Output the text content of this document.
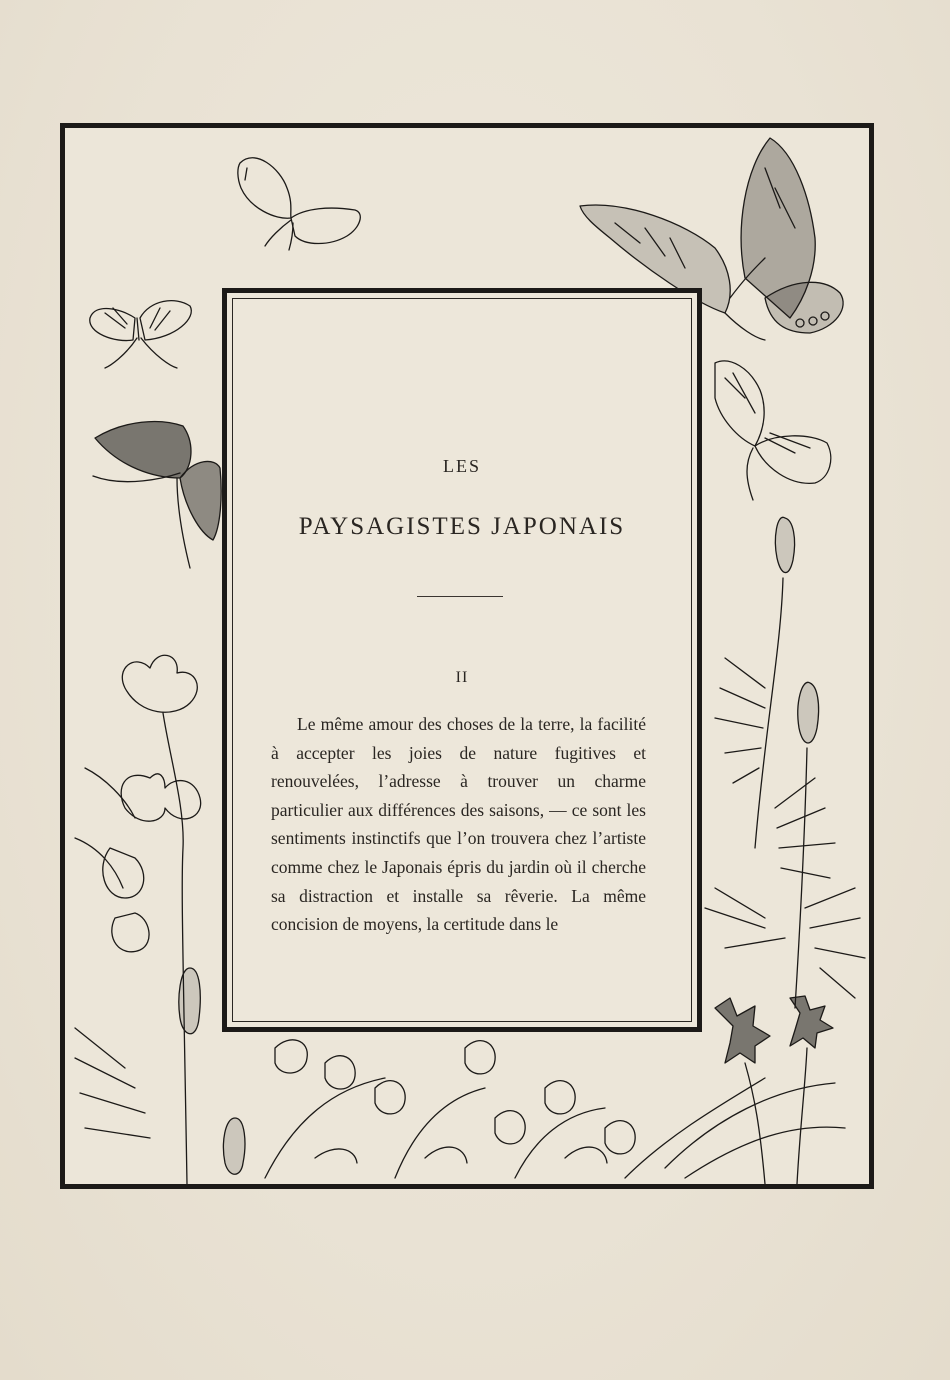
LES
PAYSAGISTES JAPONAIS
II

Le même amour des choses de la terre, la facilité à accepter les joies de nature fugitives et renouvelées, l’adresse à trouver un charme particulier aux différences des saisons, — ce sont les sentiments instinctifs que l’on trouvera chez l’artiste comme chez le Japonais épris du jardin où il cherche sa distraction et installe sa rêverie. La même concision de moyens, la certitude dans le
